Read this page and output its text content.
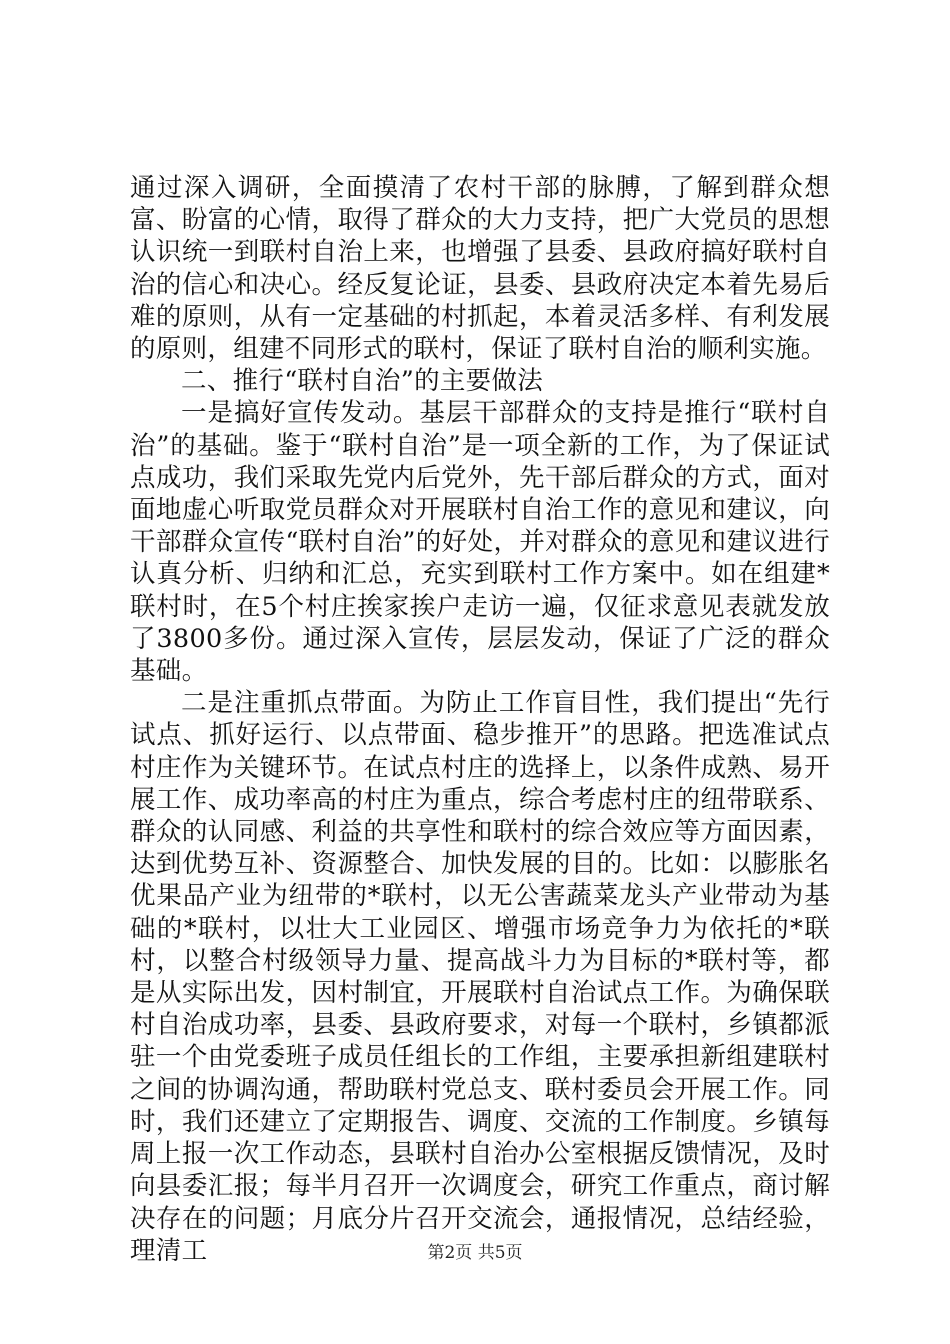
通过深入调研，全面摸清了农村干部的脉膊，了解到群众想富、盼富的心情，取得了群众的大力支持，把广大党员的思想认识统一到联村自治上来，也增强了县委、县政府搞好联村自治的信心和决心。经反复论证，县委、县政府决定本着先易后难的原则，从有一定基础的村抓起，本着灵活多样、有利发展的原则，组建不同形式的联村，保证了联村自治的顺利实施。

二、推行“联村自治”的主要做法

一是搞好宣传发动。基层干部群众的支持是推行“联村自治”的基础。鉴于“联村自治”是一项全新的工作，为了保证试点成功，我们采取先党内后党外，先干部后群众的方式，面对面地虚心听取党员群众对开展联村自治工作的意见和建议，向干部群众宣传“联村自治”的好处，并对群众的意见和建议进行认真分析、归纳和汇总，充实到联村工作方案中。如在组建*联村时，在5个村庄挨家挨户走访一遍，仅征求意见表就发放了3800多份。通过深入宣传，层层发动，保证了广泛的群众基础。

二是注重抓点带面。为防止工作盲目性，我们提出“先行试点、抓好运行、以点带面、稳步推开”的思路。把选准试点村庄作为关键环节。在试点村庄的选择上，以条件成熟、易开展工作、成功率高的村庄为重点，综合考虑村庄的纽带联系、群众的认同感、利益的共享性和联村的综合效应等方面因素，达到优势互补、资源整合、加快发展的目的。比如：以膨胀名优果品产业为纽带的*联村，以无公害蔬菜龙头产业带动为基础的*联村，以壮大工业园区、增强市场竞争力为依托的*联村，以整合村级领导力量、提高战斗力为目标的*联村等，都是从实际出发，因村制宜，开展联村自治试点工作。为确保联村自治成功率，县委、县政府要求，对每一个联村，乡镇都派驻一个由党委班子成员任组长的工作组，主要承担新组建联村之间的协调沟通，帮助联村党总支、联村委员会开展工作。同时，我们还建立了定期报告、调度、交流的工作制度。乡镇每周上报一次工作动态，县联村自治办公室根据反馈情况，及时向县委汇报；每半月召开一次调度会，研究工作重点，商讨解决存在的问题；月底分片召开交流会，通报情况，总结经验，理清工	第2页 共5页
